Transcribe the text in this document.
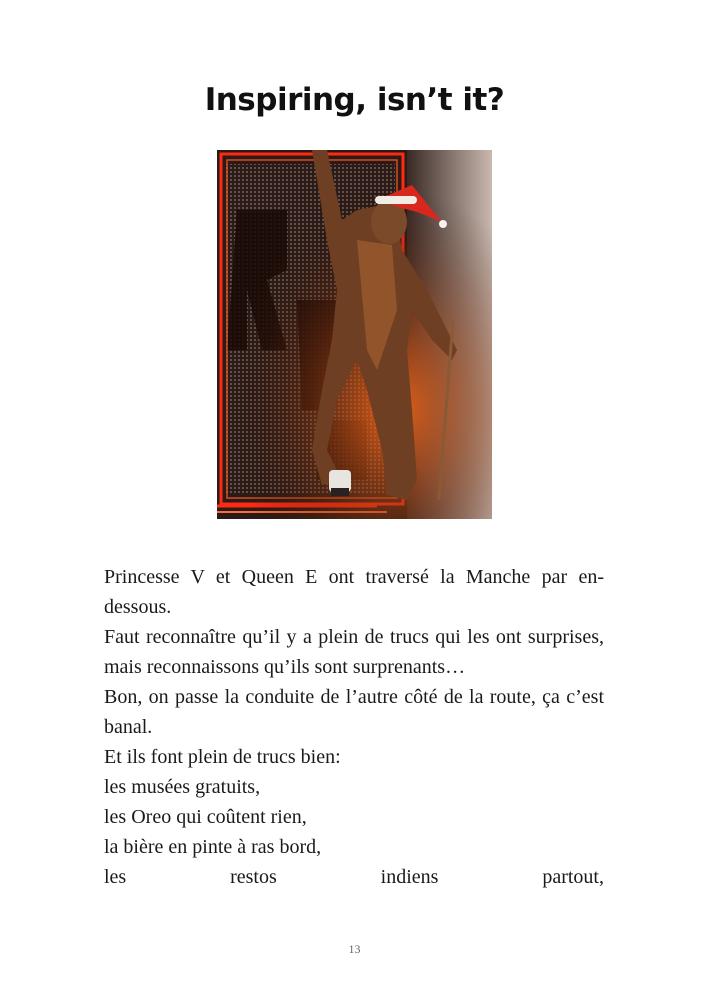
Inspiring, isn’t it?

Princesse V et Queen E ont traversé la Manche par en-dessous.

Faut reconnaître qu’il y a plein de trucs qui les ont surprises, mais reconnaissons qu’ils sont surprenants…

Bon, on passe la conduite de l’autre côté de la route, ça c’est banal.

Et ils font plein de trucs bien:

les musées gratuits,

les Oreo qui coûtent rien,

la bière en pinte à ras bord,

les restos indiens partout,

13
